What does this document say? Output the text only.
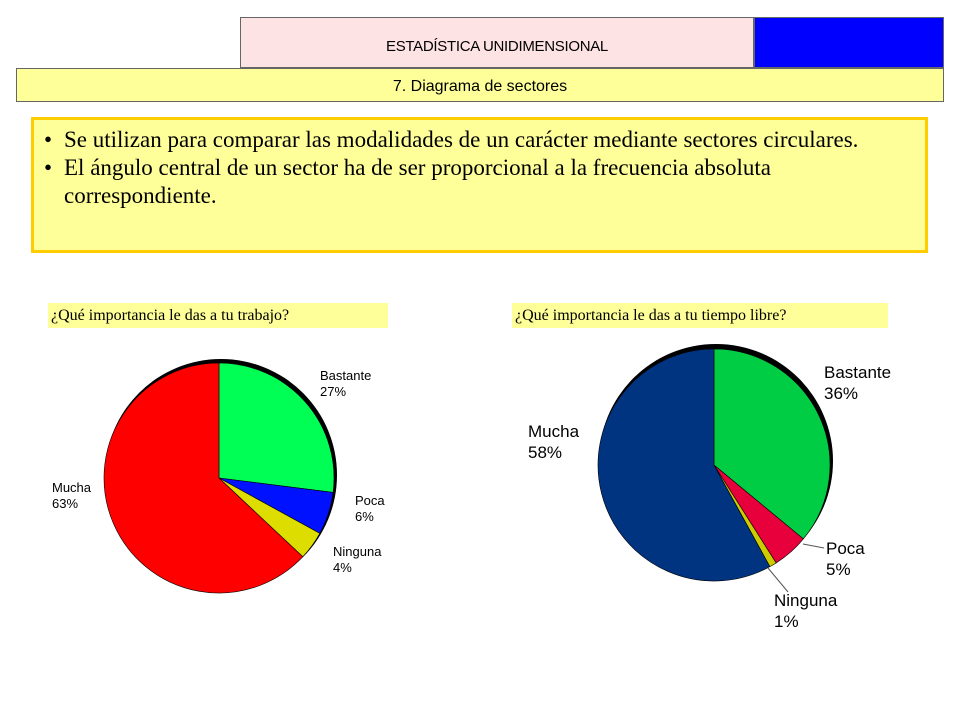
ESTADÍSTICA UNIDIMENSIONAL
7. Diagrama de sectores
• Se utilizan para comparar las modalidades de un carácter mediante sectores circulares.
• El ángulo central de un sector ha de ser proporcional a la frecuencia absoluta correspondiente.
¿Qué importancia le das a tu trabajo?	¿Qué importancia le das a tu tiempo libre?
Bastante
27%
Poca
6%
Ninguna
4%
Mucha
63%
Bastante
36%
Poca
5%
Ninguna
1%
Mucha
58%
